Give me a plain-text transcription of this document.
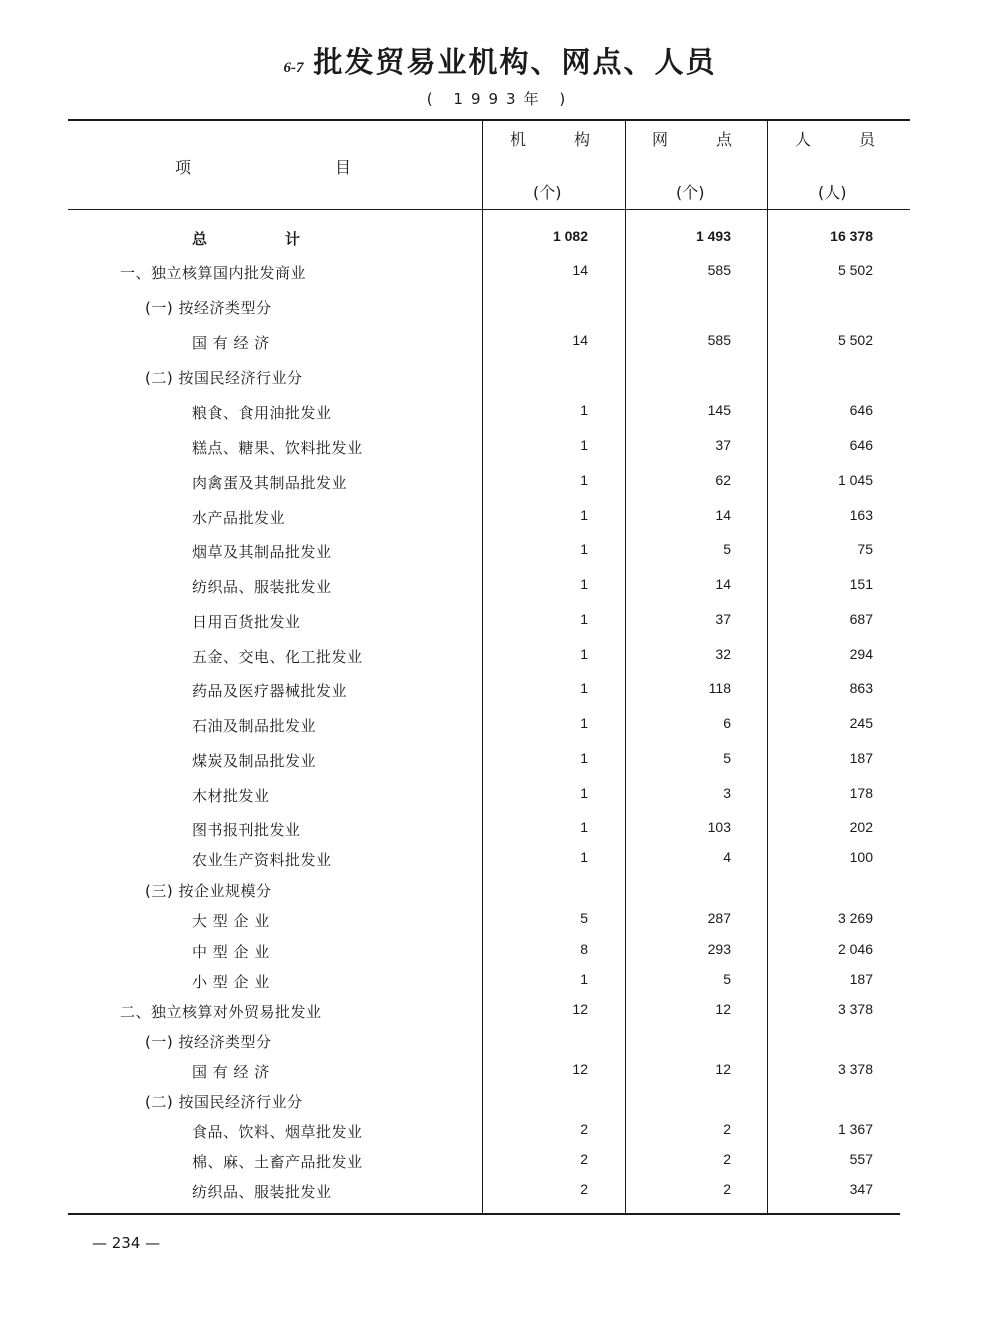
6-7 批发贸易业机构、网点、人员
( 1993年 )
项　　　　　　　　　目
机　　　构	网　　　点	人　　　员
(个)	(个)	(人)
总　　　　　计	1 082	1 493	16 378
一、独立核算国内批发商业	14	585	5 502
(一) 按经济类型分
国 有 经 济	14	585	5 502
(二) 按国民经济行业分
粮食、食用油批发业	1	145	646
糕点、糖果、饮料批发业	1	37	646
肉禽蛋及其制品批发业	1	62	1 045
水产品批发业	1	14	163
烟草及其制品批发业	1	5	75
纺织品、服装批发业	1	14	151
日用百货批发业	1	37	687
五金、交电、化工批发业	1	32	294
药品及医疗器械批发业	1	118	863
石油及制品批发业	1	6	245
煤炭及制品批发业	1	5	187
木材批发业	1	3	178
图书报刊批发业	1	103	202
农业生产资料批发业	1	4	100
(三) 按企业规模分
大 型 企 业	5	287	3 269
中 型 企 业	8	293	2 046
小 型 企 业	1	5	187
二、独立核算对外贸易批发业	12	12	3 378
(一) 按经济类型分
国 有 经 济	12	12	3 378
(二) 按国民经济行业分
食品、饮料、烟草批发业	2	2	1 367
棉、麻、土畜产品批发业	2	2	557
纺织品、服装批发业	2	2	347
— 234 —
